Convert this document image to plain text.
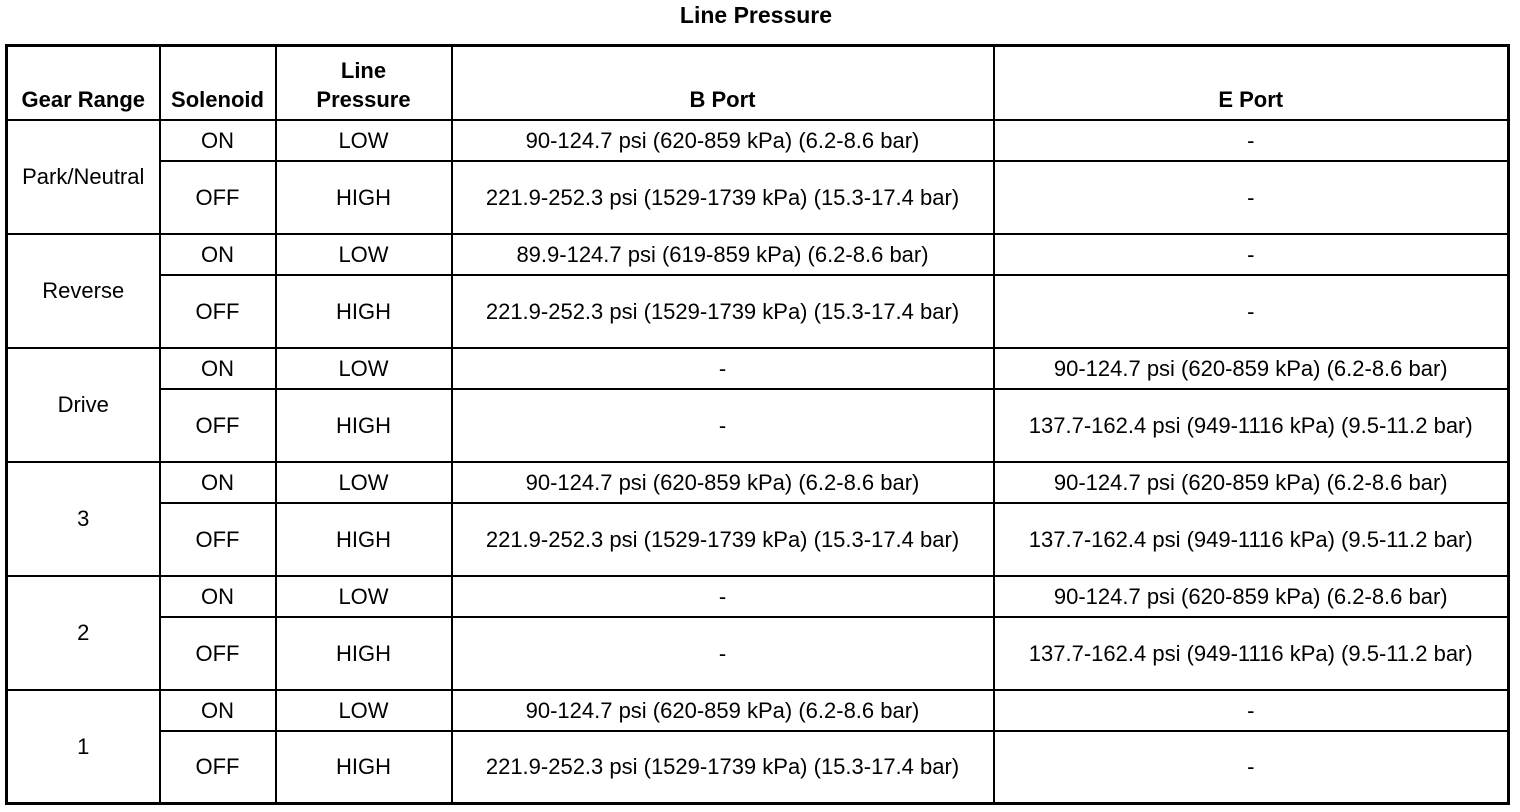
Line Pressure
Gear Range	Solenoid	Line Pressure	B Port	E Port
Park/Neutral	ON	LOW	90-124.7 psi (620-859 kPa) (6.2-8.6 bar)	-
	OFF	HIGH	221.9-252.3 psi (1529-1739 kPa) (15.3-17.4 bar)	-
Reverse	ON	LOW	89.9-124.7 psi (619-859 kPa) (6.2-8.6 bar)	-
	OFF	HIGH	221.9-252.3 psi (1529-1739 kPa) (15.3-17.4 bar)	-
Drive	ON	LOW	-	90-124.7 psi (620-859 kPa) (6.2-8.6 bar)
	OFF	HIGH	-	137.7-162.4 psi (949-1116 kPa) (9.5-11.2 bar)
3	ON	LOW	90-124.7 psi (620-859 kPa) (6.2-8.6 bar)	90-124.7 psi (620-859 kPa) (6.2-8.6 bar)
	OFF	HIGH	221.9-252.3 psi (1529-1739 kPa) (15.3-17.4 bar)	137.7-162.4 psi (949-1116 kPa) (9.5-11.2 bar)
2	ON	LOW	-	90-124.7 psi (620-859 kPa) (6.2-8.6 bar)
	OFF	HIGH	-	137.7-162.4 psi (949-1116 kPa) (9.5-11.2 bar)
1	ON	LOW	90-124.7 psi (620-859 kPa) (6.2-8.6 bar)	-
	OFF	HIGH	221.9-252.3 psi (1529-1739 kPa) (15.3-17.4 bar)	-
